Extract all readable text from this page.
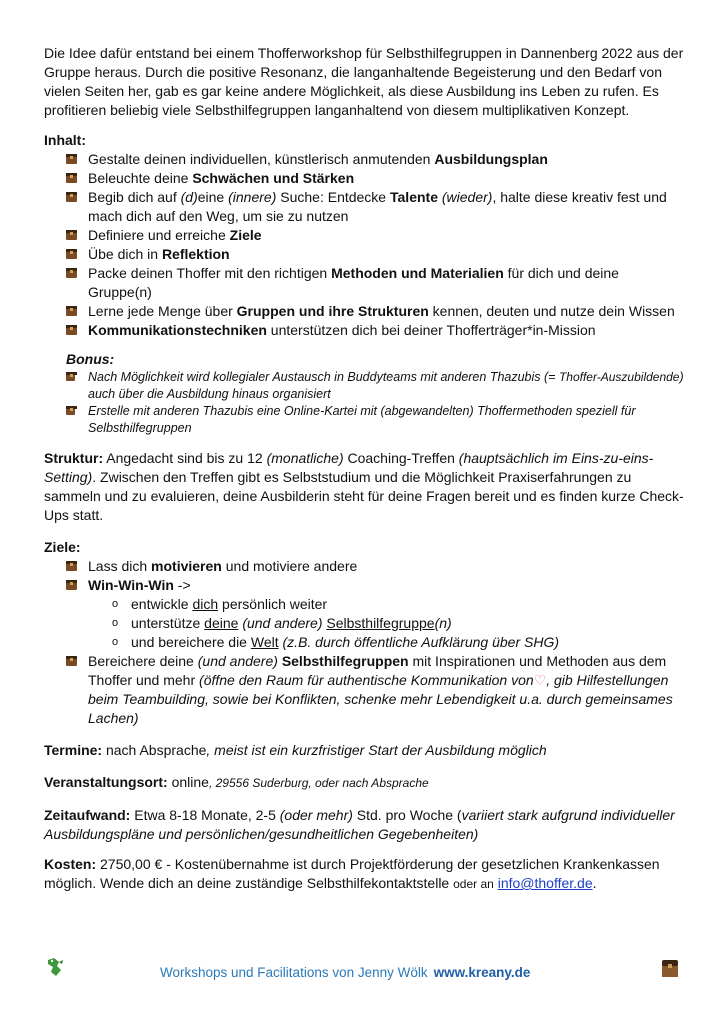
Die Idee dafür entstand bei einem Thofferworkshop für Selbsthilfegruppen in Dannenberg 2022 aus der Gruppe heraus. Durch die positive Resonanz, die langanhaltende Begeisterung und den Bedarf von vielen Seiten her, gab es gar keine andere Möglichkeit, als diese Ausbildung ins Leben zu rufen. Es profitieren beliebig viele Selbsthilfegruppen langanhaltend von diesem multiplikativen Konzept.

Inhalt:

Gestalte deinen individuellen, künstlerisch anmutenden Ausbildungsplan
Beleuchte deine Schwächen und Stärken
Begib dich auf (d)eine (innere) Suche: Entdecke Talente (wieder), halte diese kreativ fest und mach dich auf den Weg, um sie zu nutzen
Definiere und erreiche Ziele
Übe dich in Reflektion
Packe deinen Thoffer mit den richtigen Methoden und Materialien für dich und deine Gruppe(n)
Lerne jede Menge über Gruppen und ihre Strukturen kennen, deuten und nutze dein Wissen
Kommunikationstechniken unterstützen dich bei deiner Thofferträger*in-Mission

Bonus:

Nach Möglichkeit wird kollegialer Austausch in Buddyteams mit anderen Thazubis (= Thoffer-Auszubildende) auch über die Ausbildung hinaus organisiert
Erstelle mit anderen Thazubis eine Online-Kartei mit (abgewandelten) Thoffermethoden speziell für Selbsthilfegruppen

Struktur: Angedacht sind bis zu 12 (monatliche) Coaching-Treffen (hauptsächlich im Eins-zu-eins-Setting). Zwischen den Treffen gibt es Selbststudium und die Möglichkeit Praxiserfahrungen zu sammeln und zu evaluieren, deine Ausbilderin steht für deine Fragen bereit und es finden kurze Check-Ups statt.

Ziele:

Lass dich motivieren und motiviere andere
Win-Win-Win ->
o entwickle dich persönlich weiter
o unterstütze deine (und andere) Selbsthilfegruppe(n)
o und bereichere die Welt (z.B. durch öffentliche Aufklärung über SHG)
Bereichere deine (und andere) Selbsthilfegruppen mit Inspirationen und Methoden aus dem Thoffer und mehr (öffne den Raum für authentische Kommunikation von♡, gib Hilfestellungen beim Teambuilding, sowie bei Konflikten, schenke mehr Lebendigkeit u.a. durch gemeinsames Lachen)

Termine: nach Absprache, meist ist ein kurzfristiger Start der Ausbildung möglich

Veranstaltungsort: online, 29556 Suderburg, oder nach Absprache

Zeitaufwand: Etwa 8-18 Monate, 2-5 (oder mehr) Std. pro Woche (variiert stark aufgrund individueller Ausbildungspläne und persönlichen/gesundheitlichen Gegebenheiten)

Kosten: 2750,00 € - Kostenübernahme ist durch Projektförderung der gesetzlichen Krankenkassen möglich. Wende dich an deine zuständige Selbsthilfekontaktstelle oder an info@thoffer.de.

Workshops und Facilitations von Jenny Wölk www.kreany.de
